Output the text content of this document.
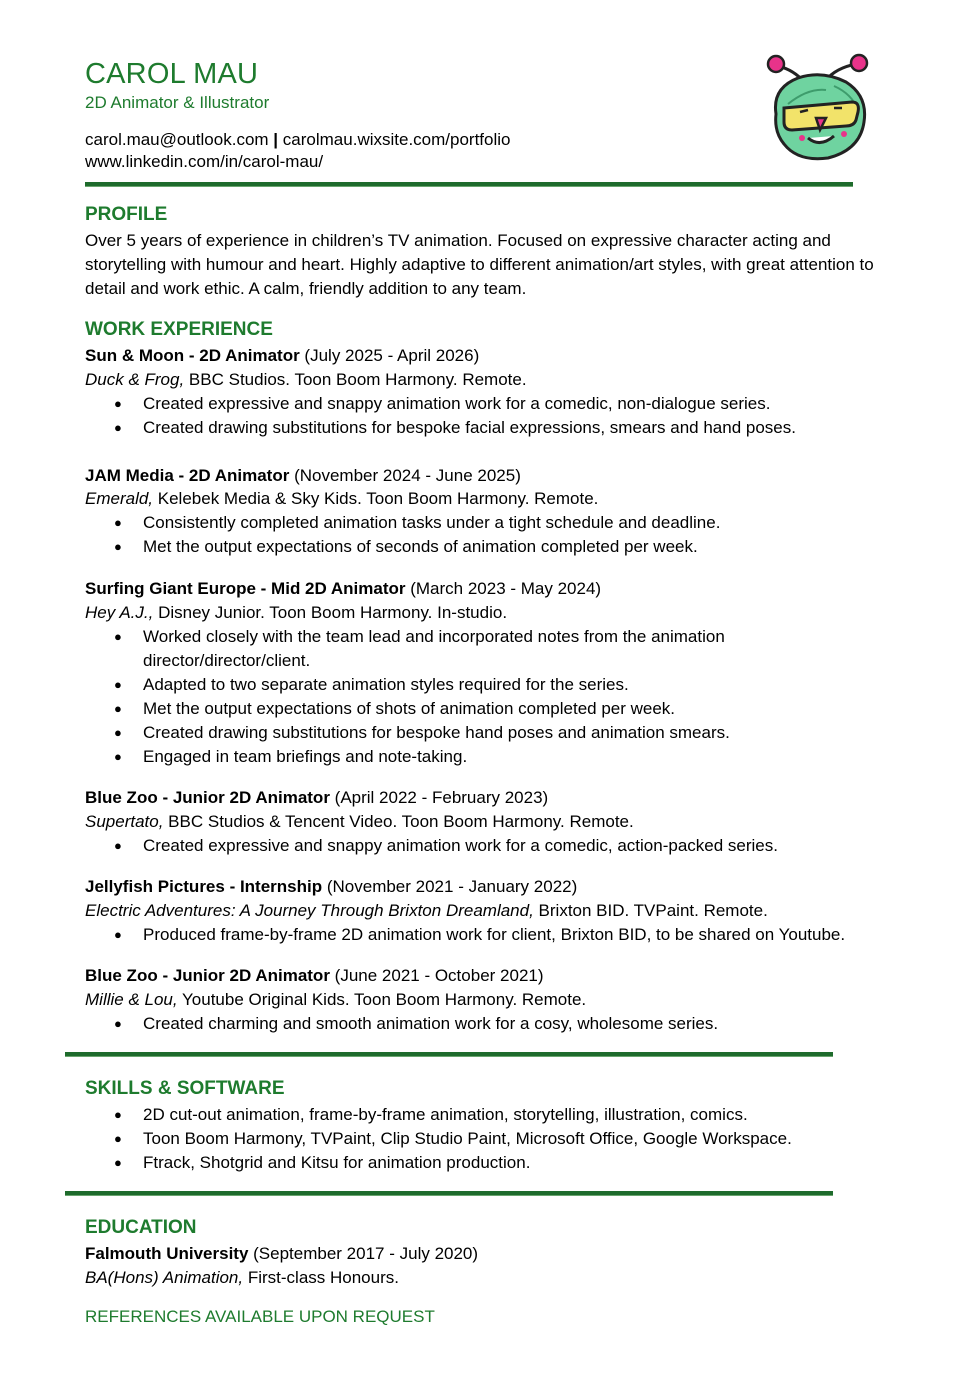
CAROL MAU
2D Animator & Illustrator
carol.mau@outlook.com | carolmau.wixsite.com/portfolio
www.linkedin.com/in/carol-mau/
PROFILE
Over 5 years of experience in children’s TV animation. Focused on expressive character acting and storytelling with humour and heart. Highly adaptive to different animation/art styles, with great attention to detail and work ethic. A calm, friendly addition to any team.
WORK EXPERIENCE
Sun & Moon - 2D Animator (July 2025 - April 2026)
Duck & Frog, BBC Studios. Toon Boom Harmony. Remote.
● Created expressive and snappy animation work for a comedic, non-dialogue series.
● Created drawing substitutions for bespoke facial expressions, smears and hand poses.
JAM Media - 2D Animator (November 2024 - June 2025)
Emerald, Kelebek Media & Sky Kids. Toon Boom Harmony. Remote.
● Consistently completed animation tasks under a tight schedule and deadline.
● Met the output expectations of seconds of animation completed per week.
Surfing Giant Europe - Mid 2D Animator (March 2023 - May 2024)
Hey A.J., Disney Junior. Toon Boom Harmony. In-studio.
● Worked closely with the team lead and incorporated notes from the animation director/director/client.
● Adapted to two separate animation styles required for the series.
● Met the output expectations of shots of animation completed per week.
● Created drawing substitutions for bespoke hand poses and animation smears.
● Engaged in team briefings and note-taking.
Blue Zoo - Junior 2D Animator (April 2022 - February 2023)
Supertato, BBC Studios & Tencent Video. Toon Boom Harmony. Remote.
● Created expressive and snappy animation work for a comedic, action-packed series.
Jellyfish Pictures - Internship (November 2021 - January 2022)
Electric Adventures: A Journey Through Brixton Dreamland, Brixton BID. TVPaint. Remote.
● Produced frame-by-frame 2D animation work for client, Brixton BID, to be shared on Youtube.
Blue Zoo - Junior 2D Animator (June 2021 - October 2021)
Millie & Lou, Youtube Original Kids. Toon Boom Harmony. Remote.
● Created charming and smooth animation work for a cosy, wholesome series.
SKILLS & SOFTWARE
● 2D cut-out animation, frame-by-frame animation, storytelling, illustration, comics.
● Toon Boom Harmony, TVPaint, Clip Studio Paint, Microsoft Office, Google Workspace.
● Ftrack, Shotgrid and Kitsu for animation production.
EDUCATION
Falmouth University (September 2017 - July 2020)
BA(Hons) Animation, First-class Honours.
REFERENCES AVAILABLE UPON REQUEST
